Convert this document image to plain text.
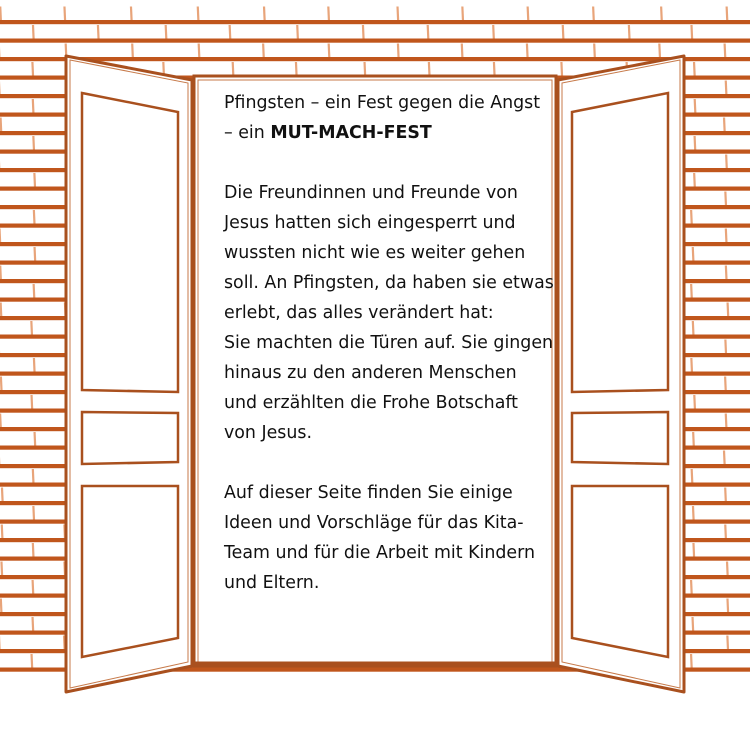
Pfingsten – ein Fest gegen die Angst – ein MUT-MACH-FEST

Die Freundinnen und Freunde von Jesus hatten sich eingesperrt und wussten nicht wie es weiter gehen soll. An Pfingsten, da haben sie etwas erlebt, das alles verändert hat:

Sie machten die Türen auf. Sie gingen hinaus zu den anderen Menschen und erzählten die Frohe Botschaft von Jesus.

Auf dieser Seite finden Sie einige Ideen und Vorschläge für das Kita-Team und für die Arbeit mit Kindern und Eltern.
